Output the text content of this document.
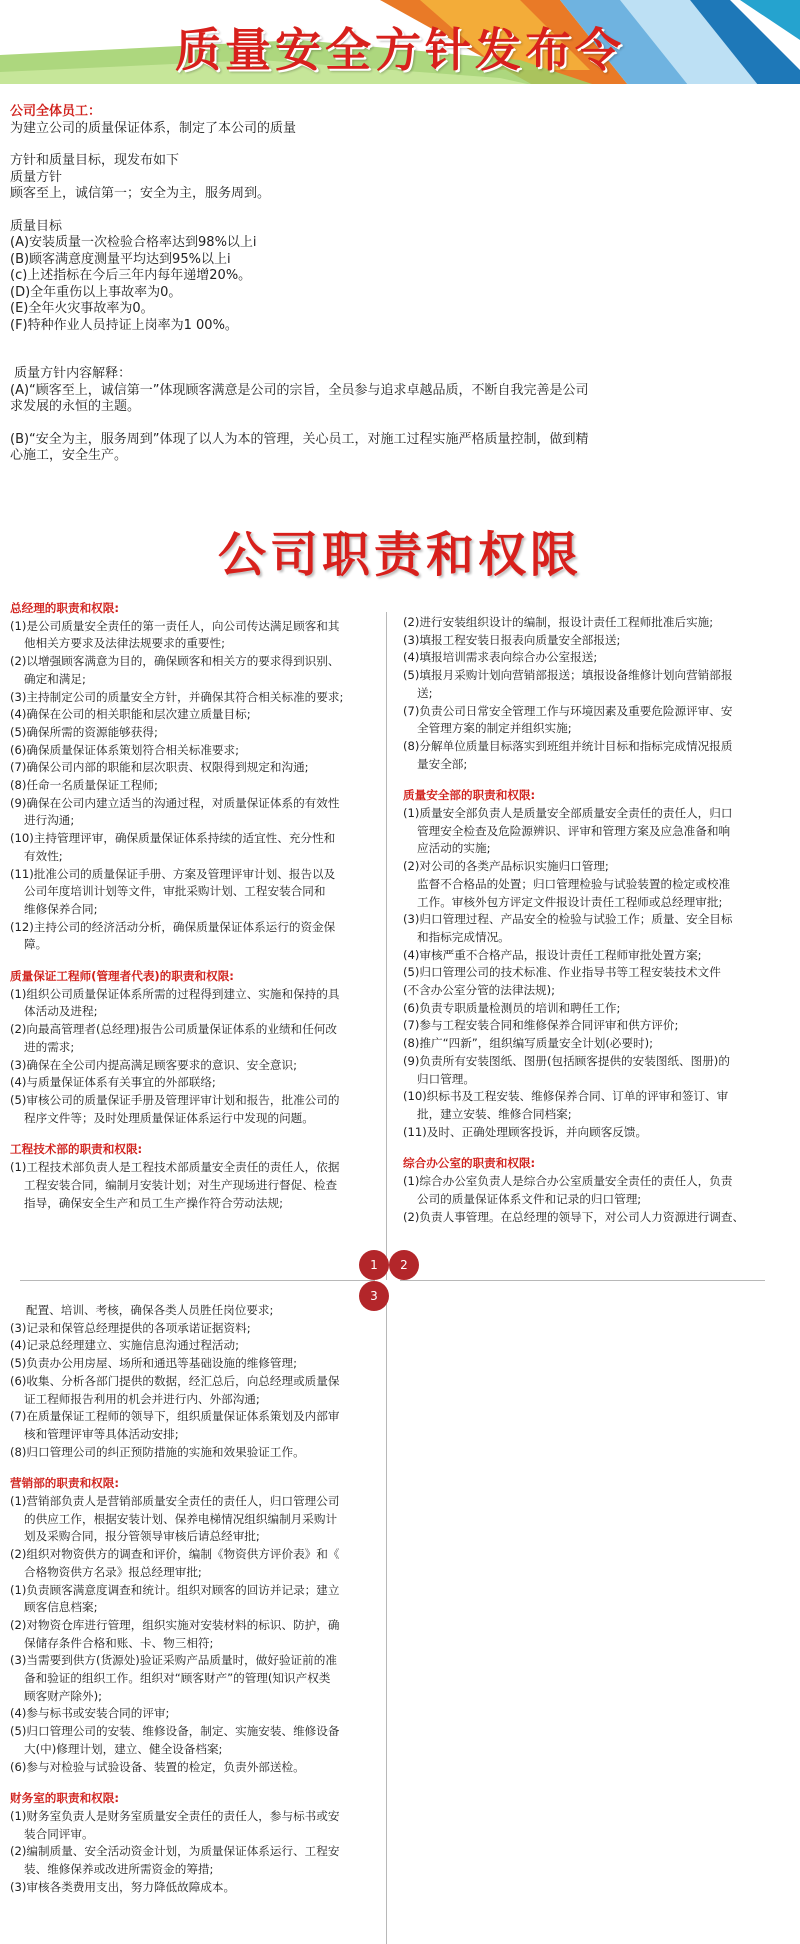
质量安全方针发布令

公司全体员工：

为建立公司的质量保证体系，制定了本公司的质量

方针和质量目标，现发布如下

质量方针

顾客至上，诚信第一；安全为主，服务周到。

质量目标

(A)安装质量一次检验合格率达到98%以上i

(B)顾客满意度测量平均达到95%以上i

(c)上述指标在今后三年内每年递增20%。

(D)全年重伤以上事故率为0。

(E)全年火灾事故率为0。

(F)特种作业人员持证上岗率为1 00%。

质量方针内容解释：

(A)“顾客至上，诚信第一”体现顾客满意是公司的宗旨，全员参与追求卓越品质，不断自我完善是公司

求发展的永恒的主题。

(B)“安全为主，服务周到”体现了以人为本的管理，关心员工，对施工过程实施严格质量控制，做到精

心施工，安全生产。

公司职责和权限
1	2
3

总经理的职责和权限:

(1)是公司质量安全责任的第一责任人，向公司传达满足顾客和其

他相关方要求及法律法规要求的重要性;

(2)以增强顾客满意为目的，确保顾客和相关方的要求得到识别、

确定和满足;

(3)主持制定公司的质量安全方针，并确保其符合相关标准的要求;

(4)确保在公司的相关职能和层次建立质量目标;

(5)确保所需的资源能够获得;

(6)确保质量保证体系策划符合相关标准要求;

(7)确保公司内部的职能和层次职责、权限得到规定和沟通;

(8)任命一名质量保证工程师;

(9)确保在公司内建立适当的沟通过程，对质量保证体系的有效性

进行沟通;

(10)主持管理评审，确保质量保证体系持续的适宜性、充分性和

有效性;

(11)批准公司的质量保证手册、方案及管理评审计划、报告以及

公司年度培训计划等文件，审批采购计划、工程安装合同和

维修保养合同;

(12)主持公司的经济活动分析，确保质量保证体系运行的资金保

障。

质量保证工程师(管理者代表)的职责和权限:

(1)组织公司质量保证体系所需的过程得到建立、实施和保持的具

体活动及进程;

(2)向最高管理者(总经理)报告公司质量保证体系的业绩和任何改

进的需求;

(3)确保在全公司内提高满足顾客要求的意识、安全意识;

(4)与质量保证体系有关事宜的外部联络;

(5)审核公司的质量保证手册及管理评审计划和报告，批准公司的

程序文件等；及时处理质量保证体系运行中发现的问题。

工程技术部的职责和权限:

(1)工程技术部负责人是工程技术部质量安全责任的责任人，依据

工程安装合同，编制月安装计划；对生产现场进行督促、检查

指导，确保安全生产和员工生产操作符合劳动法规;

(2)进行安装组织设计的编制，报设计责任工程师批准后实施;

(3)填报工程安装日报表向质量安全部报送;

(4)填报培训需求表向综合办公室报送;

(5)填报月采购计划向营销部报送；填报设备维修计划向营销部报

送;

(7)负责公司日常安全管理工作与环境因素及重要危险源评审、安

全管理方案的制定并组织实施;

(8)分解单位质量目标落实到班组并统计目标和指标完成情况报质

量安全部;

质量安全部的职责和权限:

(1)质量安全部负责人是质量安全部质量安全责任的责任人，归口

管理安全检查及危险源辨识、评审和管理方案及应急准备和响

应活动的实施;

(2)对公司的各类产品标识实施归口管理;

监督不合格品的处置；归口管理检验与试验装置的检定或校准

工作。审核外包方评定文件报设计责任工程师或总经理审批;

(3)归口管理过程、产品安全的检验与试验工作；质量、安全目标

和指标完成情况。

(4)审核严重不合格产品，报设计责任工程师审批处置方案;

(5)归口管理公司的技术标准、作业指导书等工程安装技术文件

(不含办公室分管的法律法规);

(6)负责专职质量检测员的培训和聘任工作;

(7)参与工程安装合同和维修保养合同评审和供方评价;

(8)推广“四新”，组织编写质量安全计划(必要时);

(9)负责所有安装图纸、图册(包括顾客提供的安装图纸、图册)的

归口管理。

(10)织标书及工程安装、维修保养合同、订单的评审和签订、审

批，建立安装、维修合同档案;

(11)及时、正确处理顾客投诉，并向顾客反馈。

综合办公室的职责和权限:

(1)综合办公室负责人是综合办公室质量安全责任的责任人，负责

公司的质量保证体系文件和记录的归口管理;

(2)负责人事管理。在总经理的领导下，对公司人力资源进行调查、

配置、培训、考核，确保各类人员胜任岗位要求;

(3)记录和保管总经理提供的各项承诺证据资料;

(4)记录总经理建立、实施信息沟通过程活动;

(5)负责办公用房屋、场所和通迅等基础设施的维修管理;

(6)收集、分析各部门提供的数据，经汇总后，向总经理或质量保

证工程师报告利用的机会并进行内、外部沟通;

(7)在质量保证工程师的领导下，组织质量保证体系策划及内部审

核和管理评审等具体活动安排;

(8)归口管理公司的纠正预防措施的实施和效果验证工作。

营销部的职责和权限:

(1)营销部负责人是营销部质量安全责任的责任人，归口管理公司

的供应工作，根据安装计划、保养电梯情况组织编制月采购计

划及采购合同，报分管领导审核后请总经审批;

(2)组织对物资供方的调查和评价，编制《物资供方评价表》和《

合格物资供方名录》报总经理审批;

(1)负责顾客满意度调查和统计。组织对顾客的回访并记录；建立

顾客信息档案;

(2)对物资仓库进行管理，组织实施对安装材料的标识、防护，确

保储存条件合格和账、卡、物三相符;

(3)当需要到供方(货源处)验证采购产品质量时，做好验证前的准

备和验证的组织工作。组织对“顾客财产”的管理(知识产权类

顾客财产除外);

(4)参与标书或安装合同的评审;

(5)归口管理公司的安装、维修设备，制定、实施安装、维修设备

大(中)修理计划，建立、健全设备档案;

(6)参与对检验与试验设备、装置的检定，负责外部送检。

财务室的职责和权限:

(1)财务室负责人是财务室质量安全责任的责任人，参与标书或安

装合同评审。

(2)编制质量、安全活动资金计划，为质量保证体系运行、工程安

装、维修保养或改进所需资金的筹措;

(3)审核各类费用支出，努力降低故障成本。
